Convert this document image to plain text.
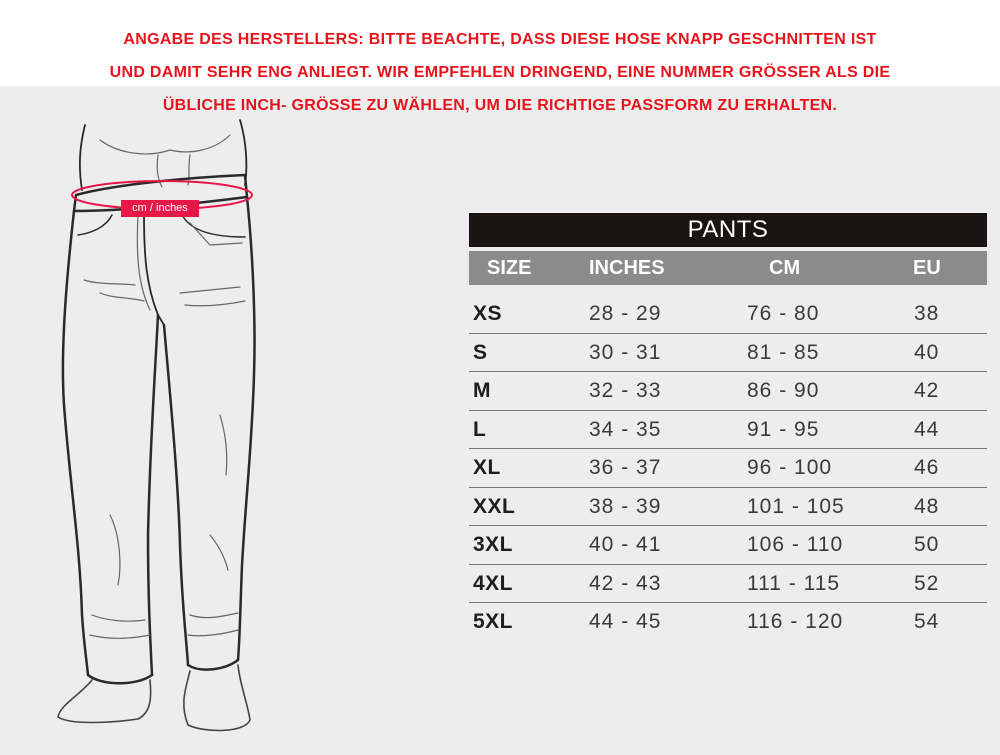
ANGABE DES HERSTELLERS: BITTE BEACHTE, DASS DIESE HOSE KNAPP GESCHNITTEN IST
UND DAMIT SEHR ENG ANLIEGT. WIR EMPFEHLEN DRINGEND, EINE NUMMER GRÖSSER ALS DIE
ÜBLICHE INCH- GRÖSSE ZU WÄHLEN, UM DIE RICHTIGE PASSFORM ZU ERHALTEN.
cm / inches
PANTS
SIZE	INCHES	CM	EU
XS	28 - 29	76 - 80	38
S	30 - 31	81 - 85	40
M	32 - 33	86 - 90	42
L	34 - 35	91 - 95	44
XL	36 - 37	96 - 100	46
XXL	38 - 39	101 - 105	48
3XL	40 - 41	106 - 110	50
4XL	42 - 43	111 - 115	52
5XL	44 - 45	116 - 120	54
